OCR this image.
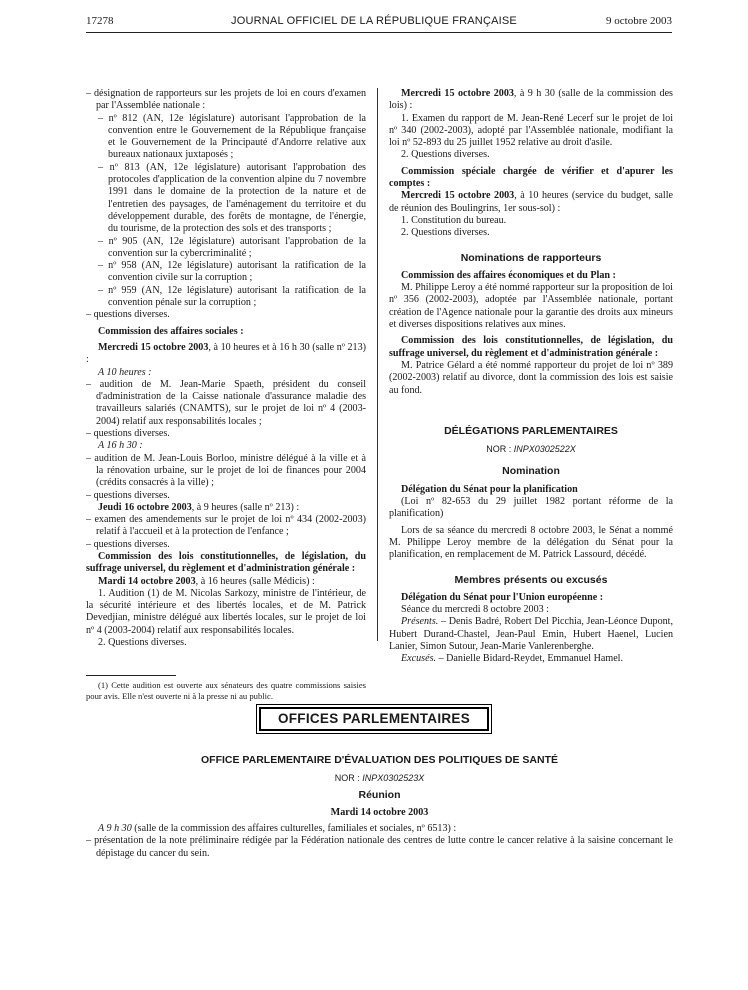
17278	JOURNAL OFFICIEL DE LA RÉPUBLIQUE FRANÇAISE	9 octobre 2003

– désignation de rapporteurs sur les projets de loi en cours d'examen par l'Assemblée nationale :

– nº 812 (AN, 12e législature) autorisant l'approbation de la convention entre le Gouvernement de la République française et le Gouvernement de la Principauté d'Andorre relative aux bureaux nationaux juxtaposés ;

– nº 813 (AN, 12e législature) autorisant l'approbation des protocoles d'application de la convention alpine du 7 novembre 1991 dans le domaine de la protection de la nature et de l'entretien des paysages, de l'aménagement du territoire et du développement durable, des forêts de montagne, de l'énergie, du tourisme, de la protection des sols et des transports ;

– nº 905 (AN, 12e législature) autorisant l'approbation de la convention sur la cybercriminalité ;

– nº 958 (AN, 12e législature) autorisant la ratification de la convention civile sur la corruption ;

– nº 959 (AN, 12e législature) autorisant la ratification de la convention pénale sur la corruption ;

– questions diverses.

Commission des affaires sociales :

Mercredi 15 octobre 2003, à 10 heures et à 16 h 30 (salle nº 213) :

A 10 heures :

– audition de M. Jean-Marie Spaeth, président du conseil d'administration de la Caisse nationale d'assurance maladie des travailleurs salariés (CNAMTS), sur le projet de loi nº 4 (2003-2004) relatif aux responsabilités locales ;

– questions diverses.

A 16 h 30 :

– audition de M. Jean-Louis Borloo, ministre délégué à la ville et à la rénovation urbaine, sur le projet de loi de finances pour 2004 (crédits consacrés à la ville) ;

– questions diverses.

Jeudi 16 octobre 2003, à 9 heures (salle nº 213) :

– examen des amendements sur le projet de loi nº 434 (2002-2003) relatif à l'accueil et à la protection de l'enfance ;

– questions diverses.

Commission des lois constitutionnelles, de législation, du suffrage universel, du règlement et d'administration générale :

Mardi 14 octobre 2003, à 16 heures (salle Médicis) :

1. Audition (1) de M. Nicolas Sarkozy, ministre de l'intérieur, de la sécurité intérieure et des libertés locales, et de M. Patrick Devedjian, ministre délégué aux libertés locales, sur le projet de loi nº 4 (2003-2004) relatif aux responsabilités locales.

2. Questions diverses.

(1) Cette audition est ouverte aux sénateurs des quatre commissions saisies pour avis. Elle n'est ouverte ni à la presse ni au public.

Mercredi 15 octobre 2003, à 9 h 30 (salle de la commission des lois) :

1. Examen du rapport de M. Jean-René Lecerf sur le projet de loi nº 340 (2002-2003), adopté par l'Assemblée nationale, modifiant la loi nº 52-893 du 25 juillet 1952 relative au droit d'asile.

2. Questions diverses.

Commission spéciale chargée de vérifier et d'apurer les comptes :

Mercredi 15 octobre 2003, à 10 heures (service du budget, salle de réunion des Boulingrins, 1er sous-sol) :

1. Constitution du bureau.

2. Questions diverses.

Nominations de rapporteurs

Commission des affaires économiques et du Plan :

M. Philippe Leroy a été nommé rapporteur sur la proposition de loi nº 356 (2002-2003), adoptée par l'Assemblée nationale, portant création de l'Agence nationale pour la garantie des droits aux mineurs et diverses dispositions relatives aux mines.

Commission des lois constitutionnelles, de législation, du suffrage universel, du règlement et d'administration générale :

M. Patrice Gélard a été nommé rapporteur du projet de loi nº 389 (2002-2003) relatif au divorce, dont la commission des lois est saisie au fond.

DÉLÉGATIONS PARLEMENTAIRES

NOR : INPX0302522X

Nomination

Délégation du Sénat pour la planification

(Loi nº 82-653 du 29 juillet 1982 portant réforme de la planification)

Lors de sa séance du mercredi 8 octobre 2003, le Sénat a nommé M. Philippe Leroy membre de la délégation du Sénat pour la planification, en remplacement de M. Patrick Lassourd, décédé.

Membres présents ou excusés

Délégation du Sénat pour l'Union européenne :

Séance du mercredi 8 octobre 2003 :

Présents. – Denis Badré, Robert Del Picchia, Jean-Léonce Dupont, Hubert Durand-Chastel, Jean-Paul Emin, Hubert Haenel, Lucien Lanier, Simon Sutour, Jean-Marie Vanlerenberghe.

Excusés. – Danielle Bidard-Reydet, Emmanuel Hamel.

OFFICES PARLEMENTAIRES

OFFICE PARLEMENTAIRE D'ÉVALUATION DES POLITIQUES DE SANTÉ

NOR : INPX0302523X

Réunion

Mardi 14 octobre 2003

A 9 h 30 (salle de la commission des affaires culturelles, familiales et sociales, nº 6513) :

– présentation de la note préliminaire rédigée par la Fédération nationale des centres de lutte contre le cancer relative à la saisine concernant le dépistage du cancer du sein.
